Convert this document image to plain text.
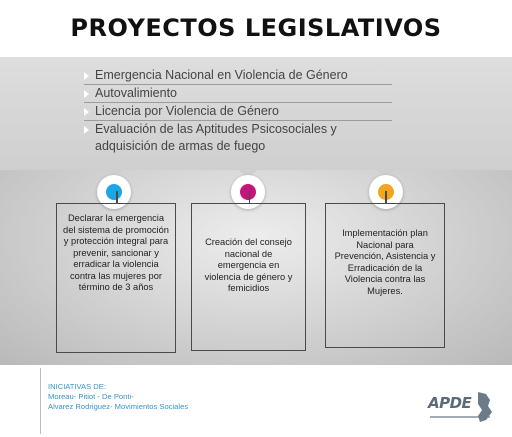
PROYECTOS LEGISLATIVOS
Emergencia Nacional en Violencia de Género
Autovalimiento
Licencia por Violencia de Género
Evaluación de las Aptitudes Psicosociales y adquisición de armas de fuego
Declarar la emergencia del sistema de promoción y protección integral para prevenir, sancionar y erradicar la violencia contra las mujeres por término de 3 años
Creación del consejo nacional de emergencia en violencia de género y femicidios
Implementación plan Nacional para Prevención, Asistencia y Erradicación de la Violencia contra las Mujeres.
INICIATIVAS DE:
Moreau- Pitiot - De Ponti-
Alvarez Rodriguez- Movimientos Sociales	APDE
